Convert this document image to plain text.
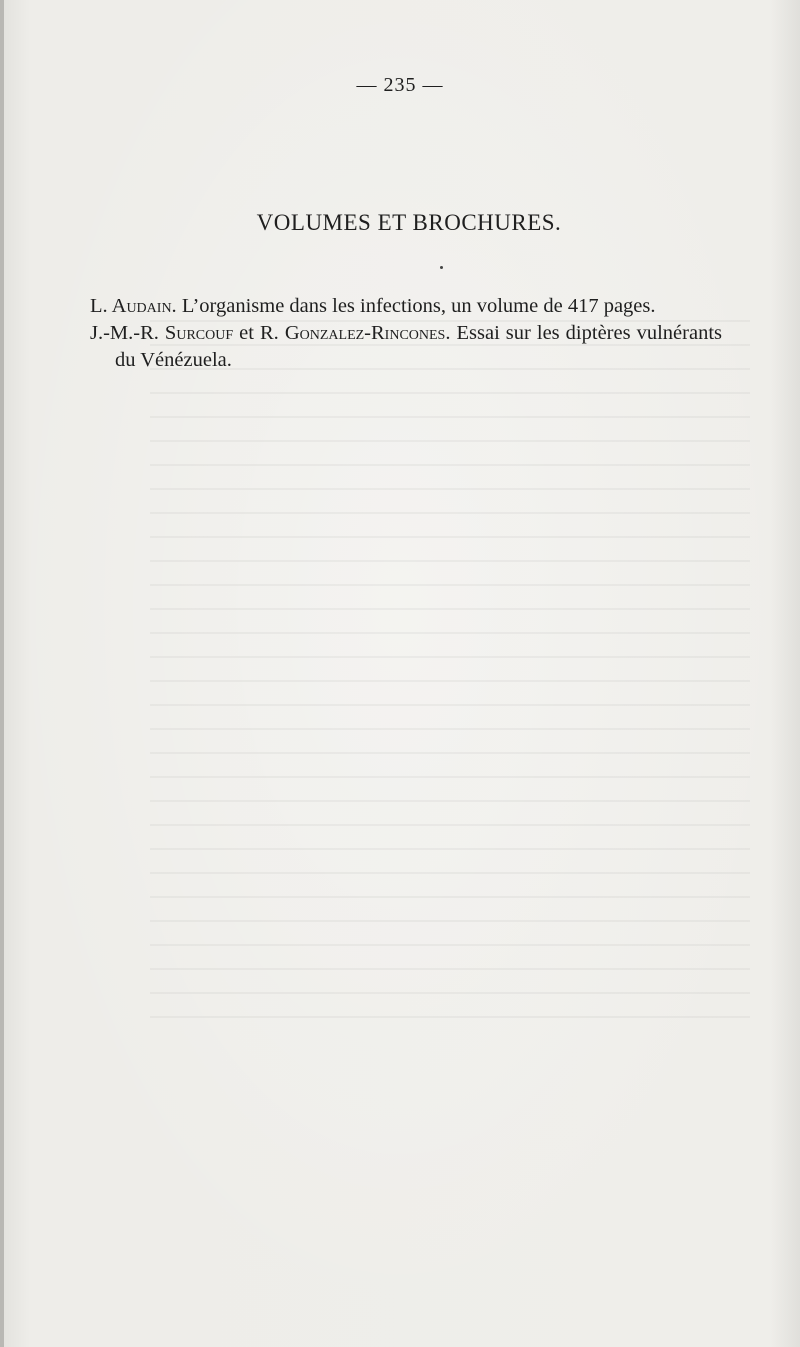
— 235 —
VOLUMES ET BROCHURES.

L. Audain. L’organisme dans les infections, un volume de 417 pages.

J.-M.-R. Surcouf et R. Gonzalez-Rincones. Essai sur les diptères vulnérants du Vénézuela.
